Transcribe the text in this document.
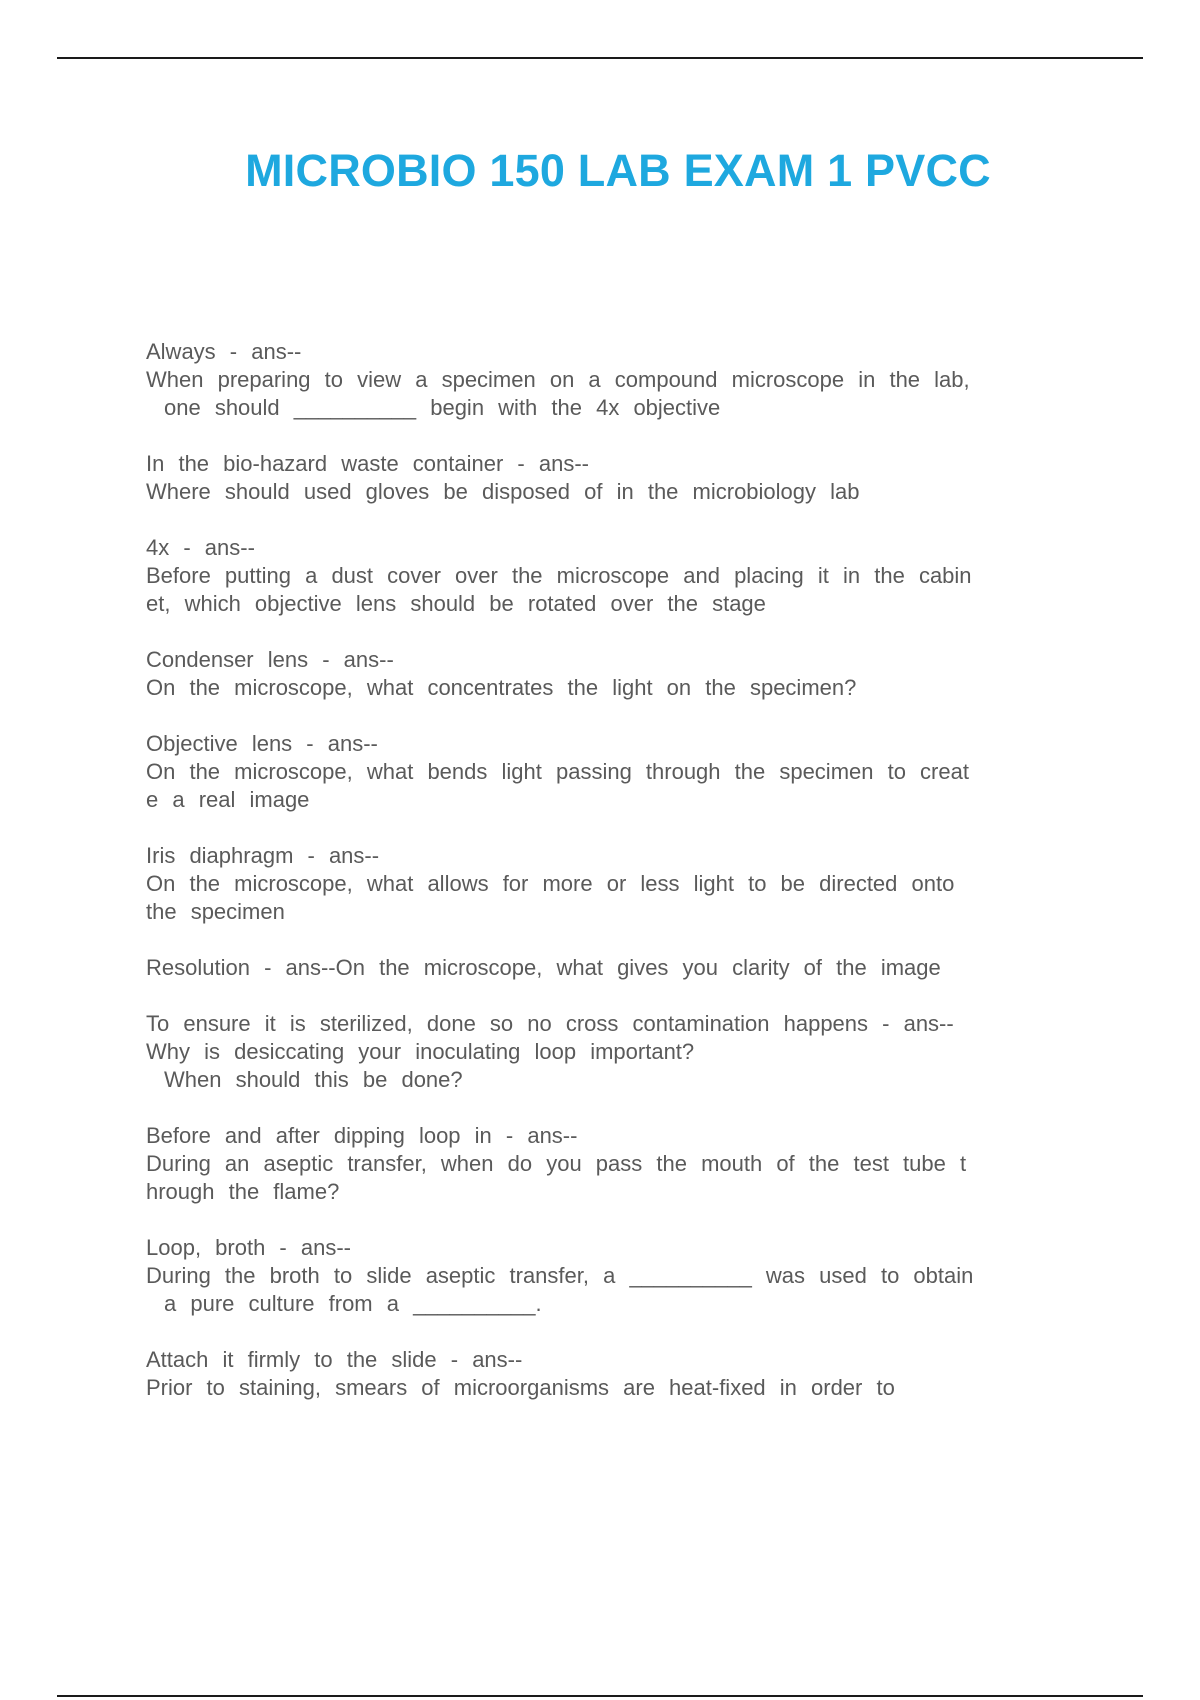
MICROBIO 150 LAB EXAM 1 PVCC
Always - ans--
When preparing to view a specimen on a compound microscope in the lab,
one should __________ begin with the 4x objective
In the bio-hazard waste container - ans--
Where should used gloves be disposed of in the microbiology lab
4x - ans--
Before putting a dust cover over the microscope and placing it in the cabin
et, which objective lens should be rotated over the stage
Condenser lens - ans--
On the microscope, what concentrates the light on the specimen?
Objective lens - ans--
On the microscope, what bends light passing through the specimen to creat
e a real image
Iris diaphragm - ans--
On the microscope, what allows for more or less light to be directed onto
the specimen
Resolution - ans--On the microscope, what gives you clarity of the image
To ensure it is sterilized, done so no cross contamination happens - ans--
Why is desiccating your inoculating loop important?
When should this be done?
Before and after dipping loop in - ans--
During an aseptic transfer, when do you pass the mouth of the test tube t
hrough the flame?
Loop, broth - ans--
During the broth to slide aseptic transfer, a __________ was used to obtain
a pure culture from a __________.
Attach it firmly to the slide - ans--
Prior to staining, smears of microorganisms are heat-fixed in order to
